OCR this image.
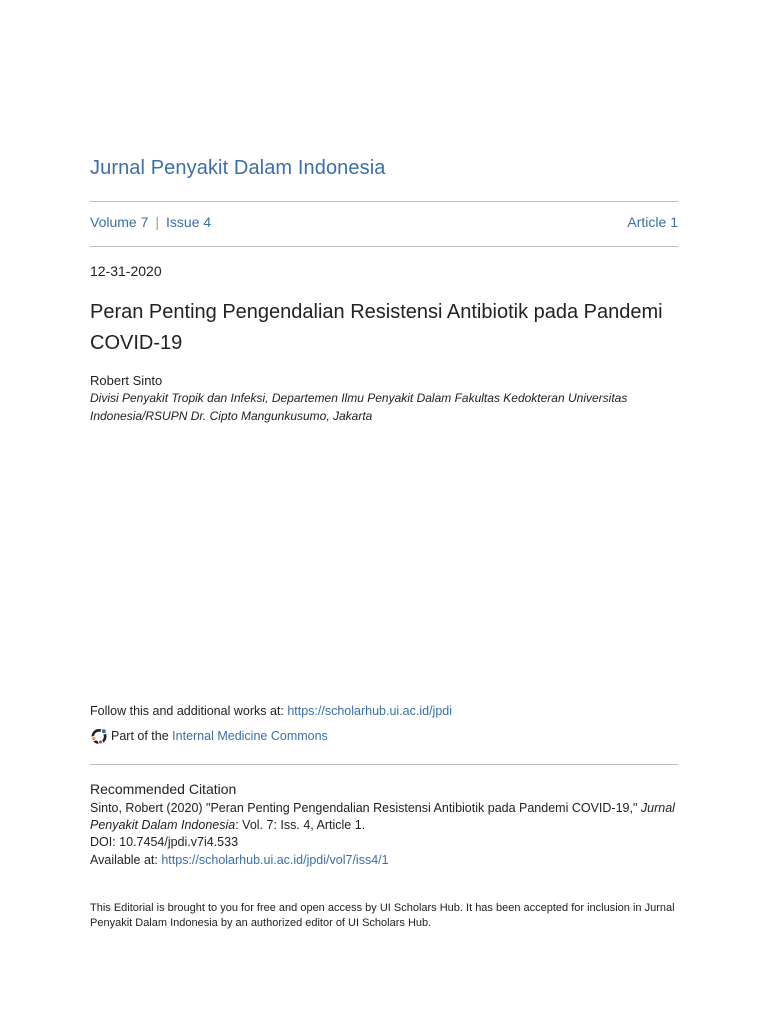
Jurnal Penyakit Dalam Indonesia
Volume 7 | Issue 4	Article 1
12-31-2020
Peran Penting Pengendalian Resistensi Antibiotik pada Pandemi COVID-19
Robert Sinto
Divisi Penyakit Tropik dan Infeksi, Departemen Ilmu Penyakit Dalam Fakultas Kedokteran Universitas Indonesia/RSUPN Dr. Cipto Mangunkusumo, Jakarta
Follow this and additional works at: https://scholarhub.ui.ac.id/jpdi
Part of the
Internal Medicine Commons
Recommended Citation
Sinto, Robert (2020) "Peran Penting Pengendalian Resistensi Antibiotik pada Pandemi COVID-19," Jurnal
Penyakit Dalam Indonesia: Vol. 7: Iss. 4, Article 1.
DOI: 10.7454/jpdi.v7i4.533
Available at: https://scholarhub.ui.ac.id/jpdi/vol7/iss4/1
This Editorial is brought to you for free and open access by UI Scholars Hub. It has been accepted for inclusion in Jurnal Penyakit Dalam Indonesia by an authorized editor of UI Scholars Hub.
